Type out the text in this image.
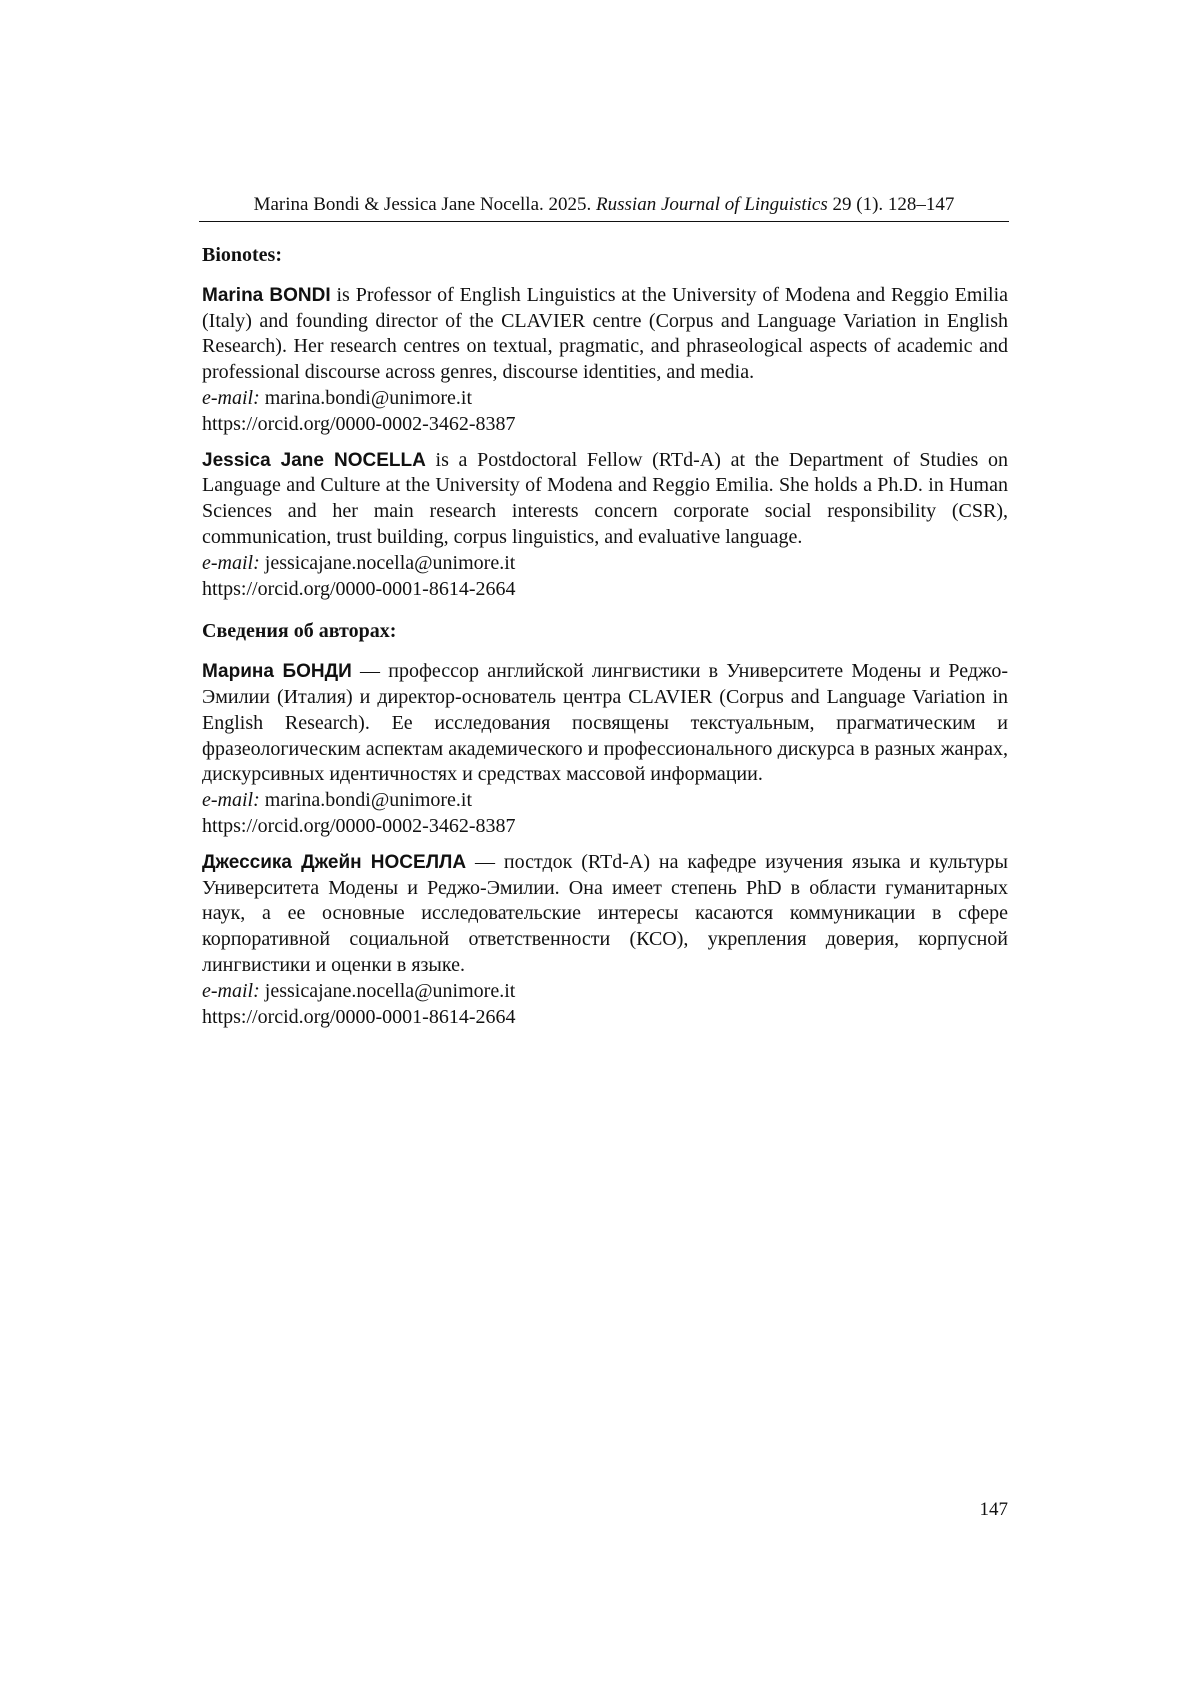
Marina Bondi & Jessica Jane Nocella. 2025. Russian Journal of Linguistics 29 (1). 128–147
Bionotes:

Marina BONDI is Professor of English Linguistics at the University of Modena and Reggio Emilia (Italy) and founding director of the CLAVIER centre (Corpus and Language Variation in English Research). Her research centres on textual, pragmatic, and phraseological aspects of academic and professional discourse across genres, discourse identities, and media.

e-mail: marina.bondi@unimore.it
https://orcid.org/0000-0002-3462-8387

Jessica Jane NOCELLA is a Postdoctoral Fellow (RTd-A) at the Department of Studies on Language and Culture at the University of Modena and Reggio Emilia. She holds a Ph.D. in Human Sciences and her main research interests concern corporate social responsibility (CSR), communication, trust building, corpus linguistics, and evaluative language.

e-mail: jessicajane.nocella@unimore.it
https://orcid.org/0000-0001-8614-2664
Сведения об авторах:

Марина БОНДИ — профессор английской лингвистики в Университете Модены и Реджо-Эмилии (Италия) и директор-основатель центра CLAVIER (Corpus and Language Variation in English Research). Ее исследования посвящены текстуальным, прагматическим и фразеологическим аспектам академического и профессионального дискурса в разных жанрах, дискурсивных идентичностях и средствах массовой информации.

e-mail: marina.bondi@unimore.it
https://orcid.org/0000-0002-3462-8387

Джессика Джейн НОСЕЛЛА — постдок (RTd-A) на кафедре изучения языка и культуры Университета Модены и Реджо-Эмилии. Она имеет степень PhD в области гуманитарных наук, а ее основные исследовательские интересы касаются коммуникации в сфере корпоративной социальной ответственности (КСО), укрепления доверия, корпусной лингвистики и оценки в языке.

e-mail: jessicajane.nocella@unimore.it
https://orcid.org/0000-0001-8614-2664
147
